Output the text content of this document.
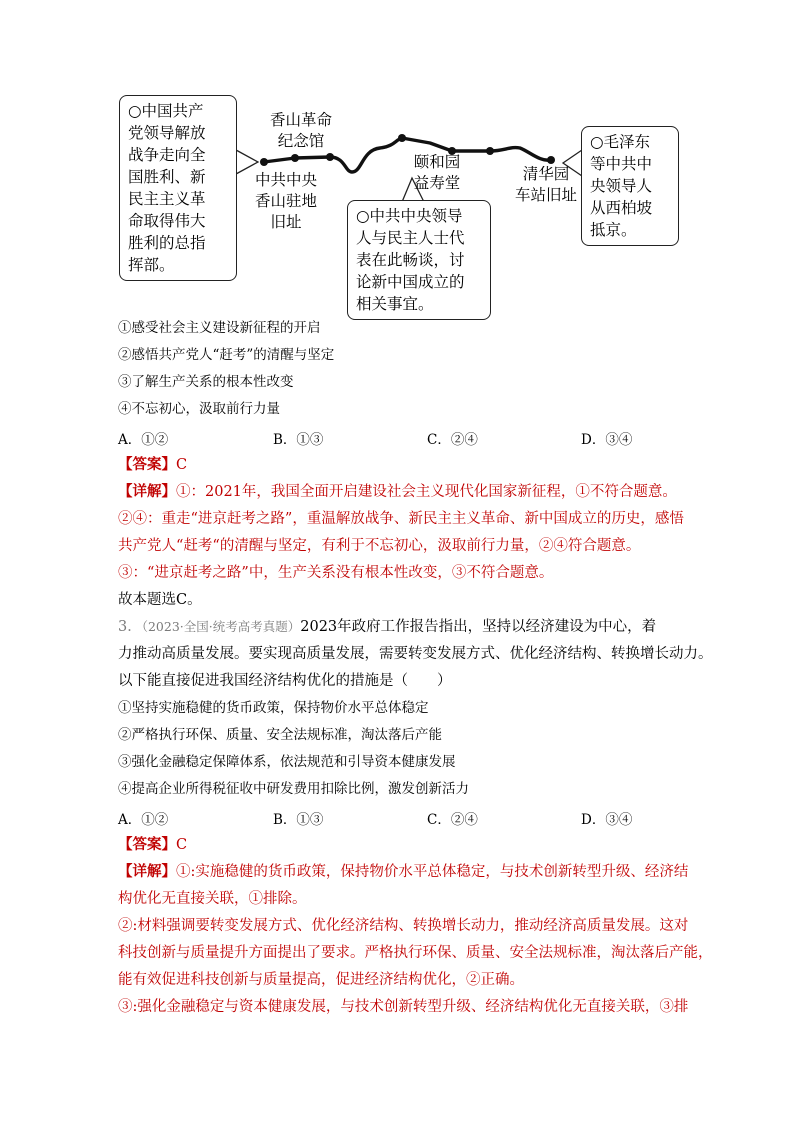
○中国共产
党领导解放
战争走向全
国胜利、新
民主主义革
命取得伟大
胜利的总指
挥部。
○中共中央领导
人与民主人士代
表在此畅谈，讨
论新中国成立的
相关事宜。
○毛泽东
等中共中
央领导人
从西柏坡
抵京。
香山革命
纪念馆
中共中央
香山驻地
旧址
颐和园
益寿堂	清华园
车站旧址
①感受社会主义建设新征程的开启
②感悟共产党人“赶考”的清醒与坚定
③了解生产关系的根本性改变
④不忘初心，汲取前行力量
A．①②	B．①③	C．②④	D．③④
【答案】C
【详解】①：2021年，我国全面开启建设社会主义现代化国家新征程，①不符合题意。
②④：重走“进京赶考之路”，重温解放战争、新民主主义革命、新中国成立的历史，感悟
共产党人“赶考“的清醒与坚定，有利于不忘初心，汲取前行力量，②④符合题意。
③：“进京赶考之路”中，生产关系没有根本性改变，③不符合题意。
故本题选C。
3．（2023·全国·统考高考真题）2023年政府工作报告指出，坚持以经济建设为中心，着
力推动高质量发展。要实现高质量发展，需要转变发展方式、优化经济结构、转换增长动力。
以下能直接促进我国经济结构优化的措施是（　　）
①坚持实施稳健的货币政策，保持物价水平总体稳定
②严格执行环保、质量、安全法规标准，淘汰落后产能
③强化金融稳定保障体系，依法规范和引导资本健康发展
④提高企业所得税征收中研发费用扣除比例，激发创新活力
A．①②	B．①③	C．②④	D．③④
【答案】C
【详解】①:实施稳健的货币政策，保持物价水平总体稳定，与技术创新转型升级、经济结
构优化无直接关联，①排除。
②:材料强调要转变发展方式、优化经济结构、转换增长动力，推动经济高质量发展。这对
科技创新与质量提升方面提出了要求。严格执行环保、质量、安全法规标准，淘汰落后产能，
能有效促进科技创新与质量提高，促进经济结构优化，②正确。
③:强化金融稳定与资本健康发展，与技术创新转型升级、经济结构优化无直接关联，③排
